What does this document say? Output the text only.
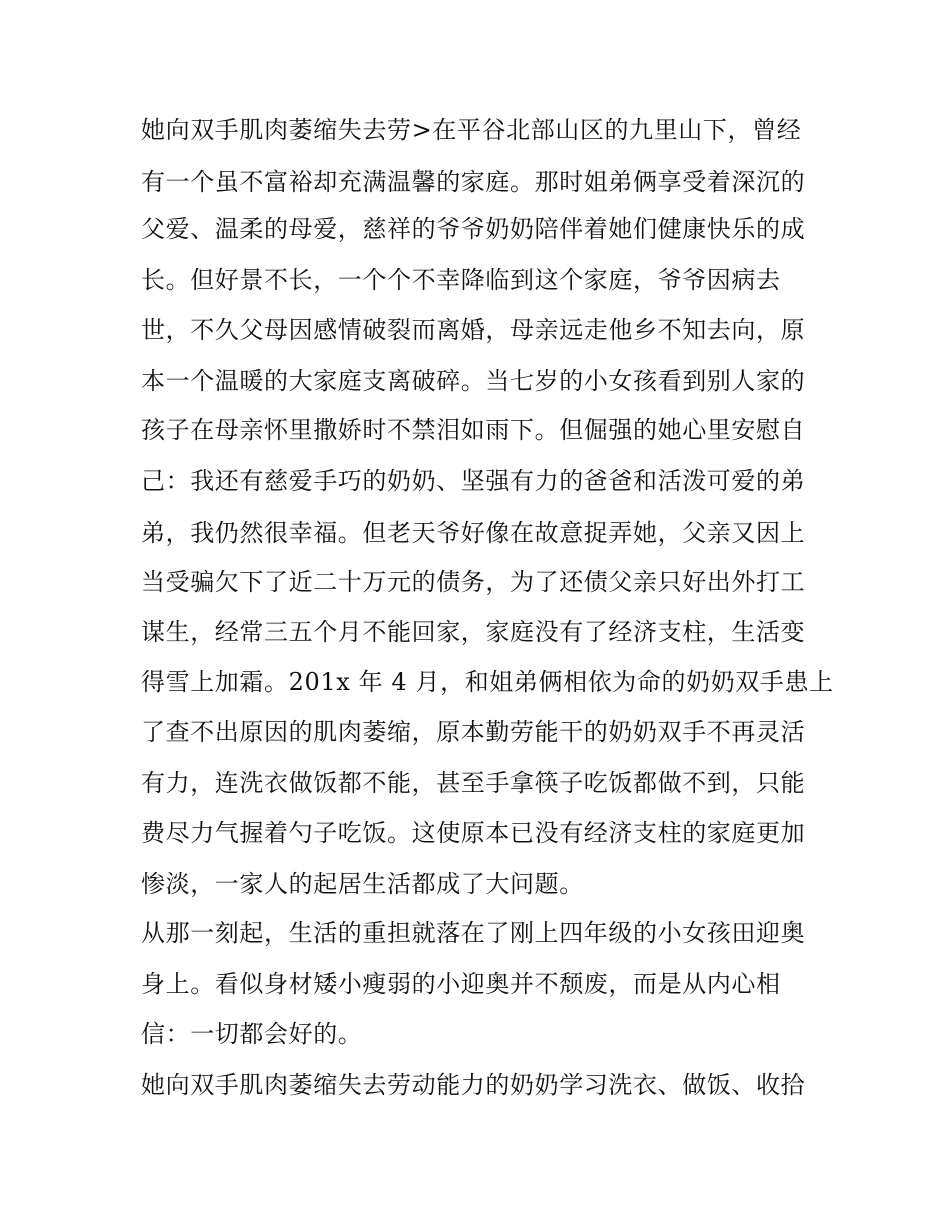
她向双手肌肉萎缩失去劳>在平谷北部山区的九里山下，曾经
有一个虽不富裕却充满温馨的家庭。那时姐弟俩享受着深沉的
父爱、温柔的母爱，慈祥的爷爷奶奶陪伴着她们健康快乐的成
长。但好景不长，一个个不幸降临到这个家庭，爷爷因病去
世，不久父母因感情破裂而离婚，母亲远走他乡不知去向，原
本一个温暖的大家庭支离破碎。当七岁的小女孩看到别人家的
孩子在母亲怀里撒娇时不禁泪如雨下。但倔强的她心里安慰自
己：我还有慈爱手巧的奶奶、坚强有力的爸爸和活泼可爱的弟
弟，我仍然很幸福。但老天爷好像在故意捉弄她，父亲又因上
当受骗欠下了近二十万元的债务，为了还债父亲只好出外打工
谋生，经常三五个月不能回家，家庭没有了经济支柱，生活变
得雪上加霜。201x 年 4 月，和姐弟俩相依为命的奶奶双手患上
了查不出原因的肌肉萎缩，原本勤劳能干的奶奶双手不再灵活
有力，连洗衣做饭都不能，甚至手拿筷子吃饭都做不到，只能
费尽力气握着勺子吃饭。这使原本已没有经济支柱的家庭更加
惨淡，一家人的起居生活都成了大问题。
从那一刻起，生活的重担就落在了刚上四年级的小女孩田迎奥
身上。看似身材矮小瘦弱的小迎奥并不颓废，而是从内心相
信：一切都会好的。
她向双手肌肉萎缩失去劳动能力的奶奶学习洗衣、做饭、收拾
